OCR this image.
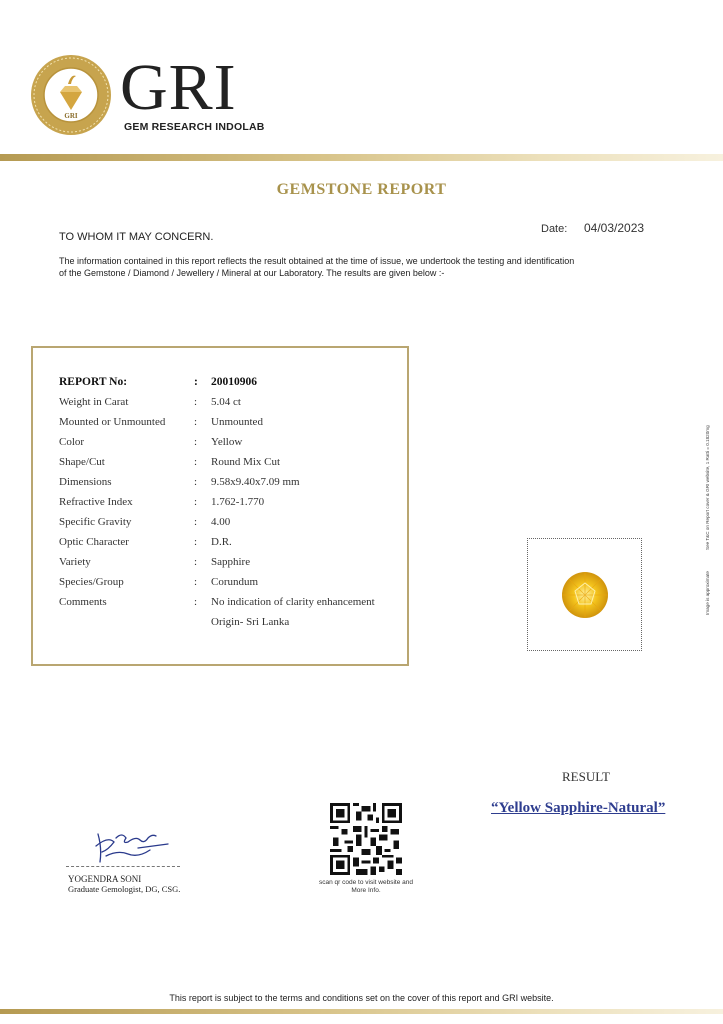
GRI GRI
GEM RESEARCH INDOLAB
GEMSTONE REPORT
Date: 04/03/2023
TO WHOM IT MAY CONCERN.
The information contained in this report reflects the result obtained at the time of issue, we undertook the testing and identification of the Gemstone / Diamond / Jewellery / Mineral at our Laboratory. The results are given below :-
REPORT No:	: 20010906
Weight in Carat	: 5.04 ct
Mounted or Unmounted	: Unmounted
Color	: Yellow
Shape/Cut	: Round Mix Cut
Dimensions	: 9.58x9.40x7.09 mm
Refractive Index	: 1.762-1.770
Specific Gravity	: 4.00
Optic Character	: D.R.
Variety	: Sapphire
Species/Group	: Corundum
Comments	: No indication of clarity enhancement
Origin- Sri Lanka
See T&C on Report cover & GRI website, 1 Ratti = 0.1820mg
Image is approximate
RESULT
“Yellow Sapphire-Natural”
scan qr code to visit website and More Info.
YOGENDRA SONI
Graduate Gemologist, DG, CSG.
This report is subject to the terms and conditions set on the cover of this report and GRI website.
